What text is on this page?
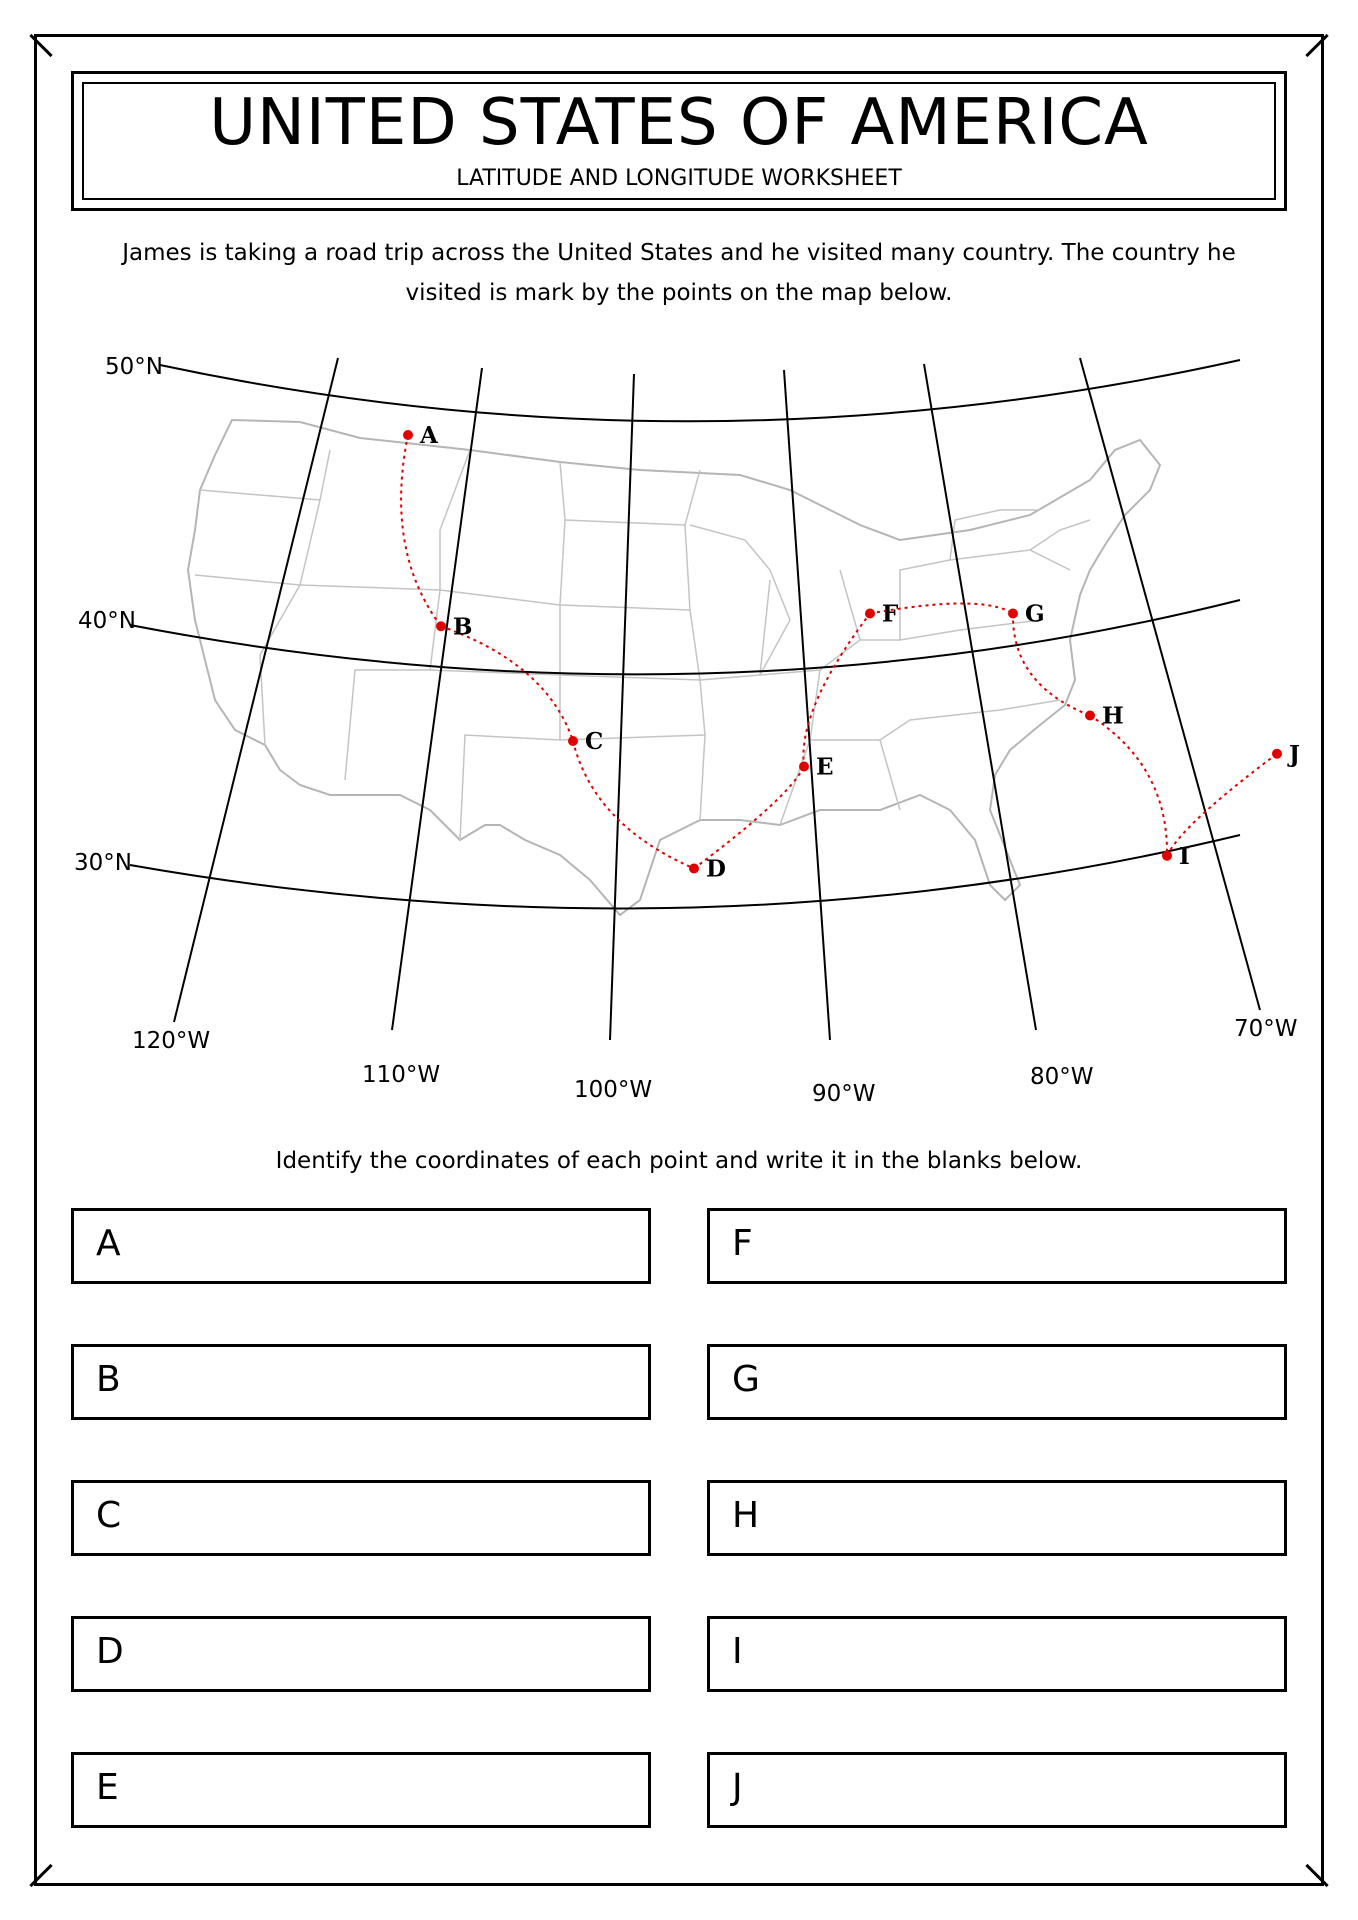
UNITED STATES OF AMERICA
LATITUDE AND LONGITUDE WORKSHEET
James is taking a road trip across the United States and he visited many country. The country he visited is mark by the points on the map below.
50°N
40°N
30°N
120°W
110°W
100°W	90°W
80°W
70°W
A
B
C
D
E
F	G
H
I
J
Identify the coordinates of each point and write it in the blanks below.
A
B
C
D
E
F
G
H
I
J
